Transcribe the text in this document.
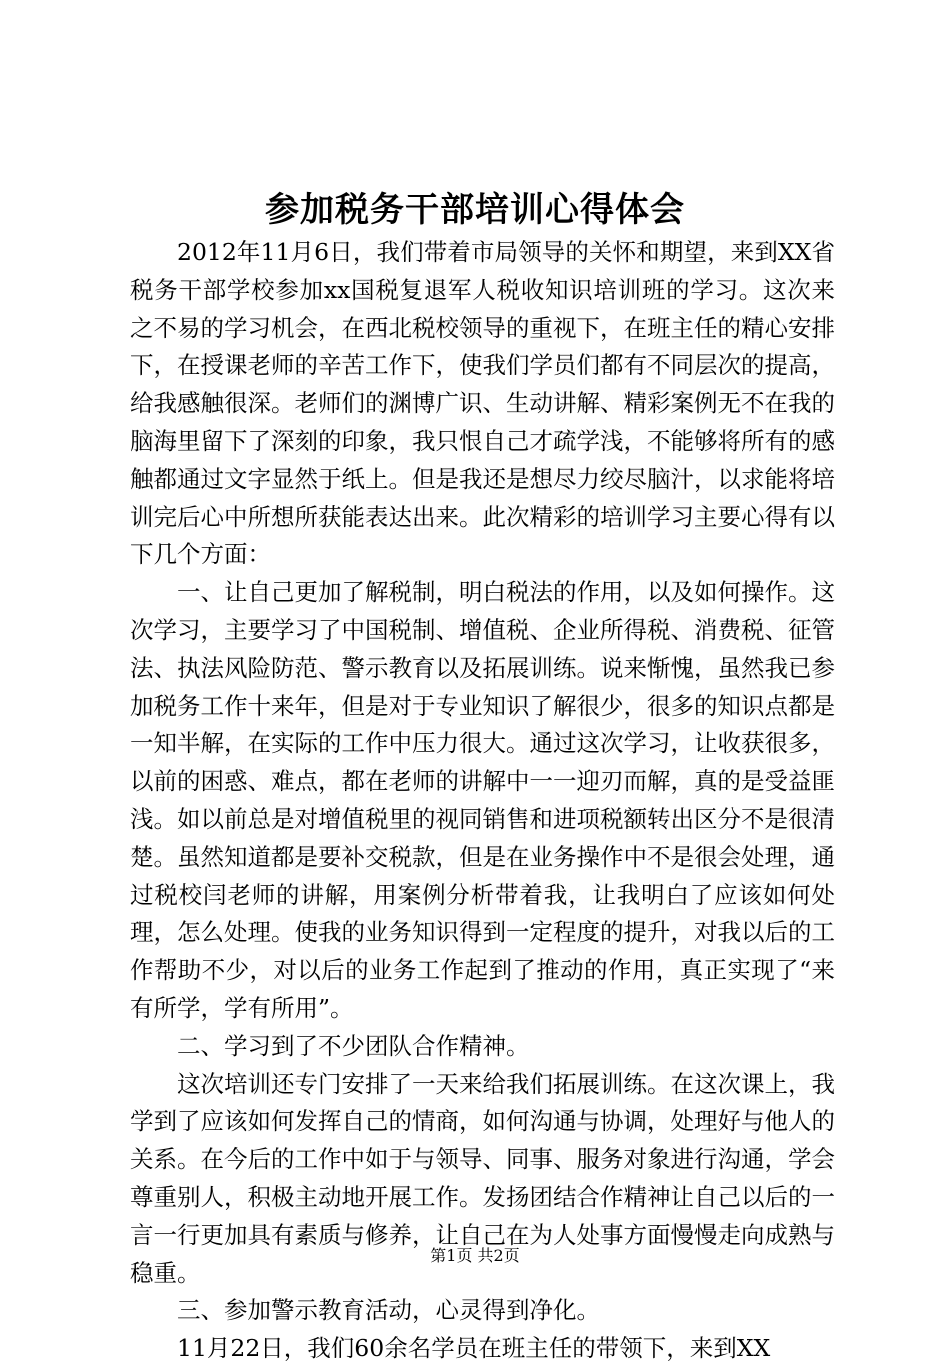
参加税务干部培训心得体会

2012年11月6日，我们带着市局领导的关怀和期望，来到XX省税务干部学校参加xx国税复退军人税收知识培训班的学习。这次来之不易的学习机会，在西北税校领导的重视下，在班主任的精心安排下，在授课老师的辛苦工作下，使我们学员们都有不同层次的提高，给我感触很深。老师们的渊博广识、生动讲解、精彩案例无不在我的脑海里留下了深刻的印象，我只恨自己才疏学浅，不能够将所有的感触都通过文字显然于纸上。但是我还是想尽力绞尽脑汁，以求能将培训完后心中所想所获能表达出来。此次精彩的培训学习主要心得有以下几个方面：

一、让自己更加了解税制，明白税法的作用，以及如何操作。这次学习，主要学习了中国税制、增值税、企业所得税、消费税、征管法、执法风险防范、警示教育以及拓展训练。说来惭愧，虽然我已参加税务工作十来年，但是对于专业知识了解很少，很多的知识点都是一知半解，在实际的工作中压力很大。通过这次学习，让收获很多，以前的困惑、难点，都在老师的讲解中一一迎刃而解，真的是受益匪浅。如以前总是对增值税里的视同销售和进项税额转出区分不是很清楚。虽然知道都是要补交税款，但是在业务操作中不是很会处理，通过税校闫老师的讲解，用案例分析带着我，让我明白了应该如何处理，怎么处理。使我的业务知识得到一定程度的提升，对我以后的工作帮助不少，对以后的业务工作起到了推动的作用，真正实现了“来有所学，学有所用”。

二、学习到了不少团队合作精神。

这次培训还专门安排了一天来给我们拓展训练。在这次课上，我学到了应该如何发挥自己的情商，如何沟通与协调，处理好与他人的关系。在今后的工作中如于与领导、同事、服务对象进行沟通，学会尊重别人，积极主动地开展工作。发扬团结合作精神让自己以后的一言一行更加具有素质与修养，让自己在为人处事方面慢慢走向成熟与稳重。

三、参加警示教育活动，心灵得到净化。

11月22日，我们60余名学员在班主任的带领下，来到XX

第1页 共2页
